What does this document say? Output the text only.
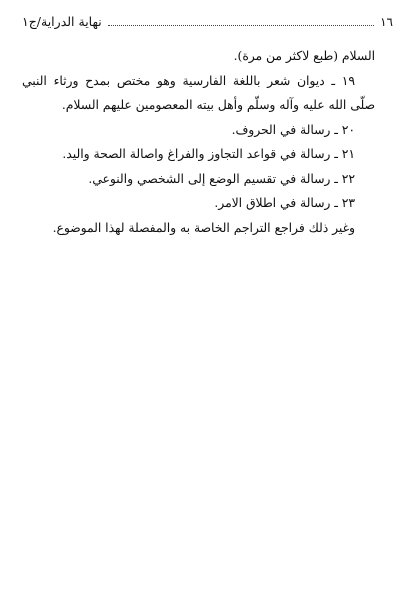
١٦
نهاية الدراية/ج١

السلام (طبع لاكثر من مرة).

١٩ ـ ديوان شعر باللغة الفارسية وهو مختص بمدح ورثاء النبي

صلّى الله عليه وآله وسلّم وأهل بيته المعصومين عليهم السلام.

٢٠ ـ رسالة في الحروف.

٢١ ـ رسالة في قواعد التجاوز والفراغ واصالة الصحة واليد.

٢٢ ـ رسالة في تقسيم الوضع إلى الشخصي والنوعي.

٢٣ ـ رسالة في اطلاق الامر.

وغير ذلك فراجع التراجم الخاصة به والمفصلة لهذا الموضوع.
